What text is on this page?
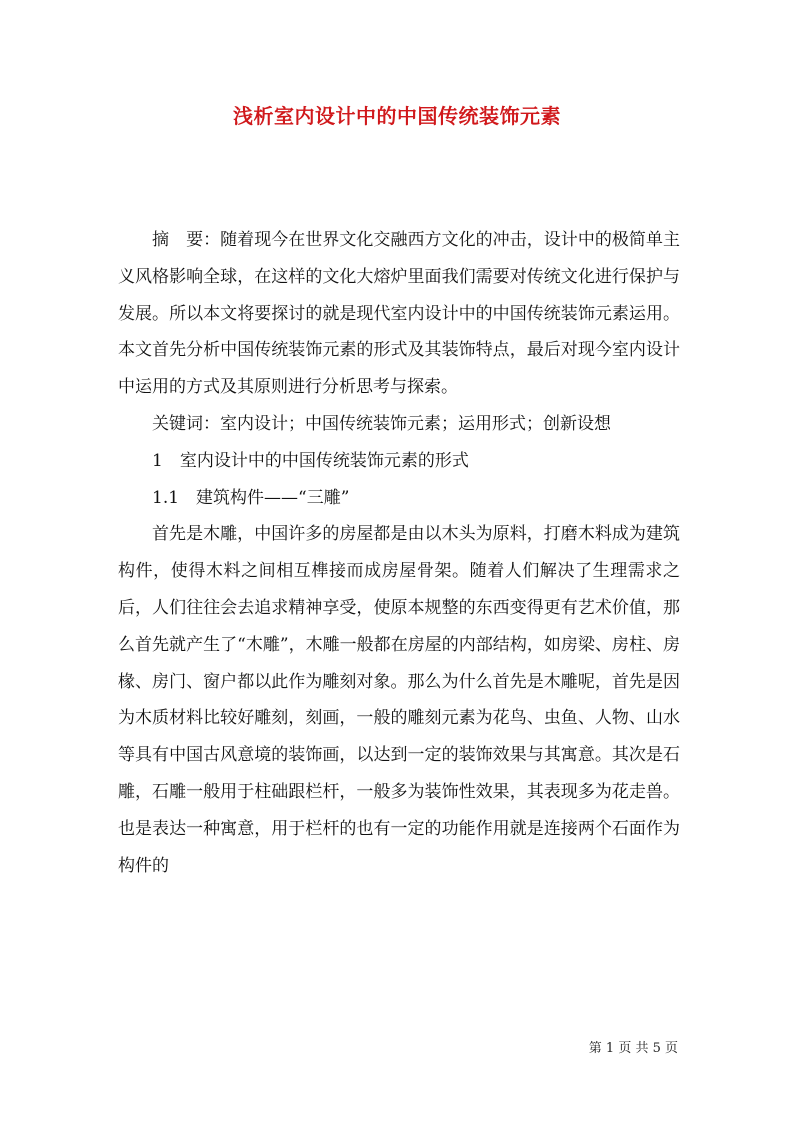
浅析室内设计中的中国传统装饰元素

摘　要：随着现今在世界文化交融西方文化的冲击，设计中的极简单主义风格影响全球，在这样的文化大熔炉里面我们需要对传统文化进行保护与发展。所以本文将要探讨的就是现代室内设计中的中国传统装饰元素运用。本文首先分析中国传统装饰元素的形式及其装饰特点，最后对现今室内设计中运用的方式及其原则进行分析思考与探索。

关键词：室内设计；中国传统装饰元素；运用形式；创新设想

1　室内设计中的中国传统装饰元素的形式

1.1　建筑构件——“三雕”

首先是木雕，中国许多的房屋都是由以木头为原料，打磨木料成为建筑构件，使得木料之间相互榫接而成房屋骨架。随着人们解决了生理需求之后，人们往往会去追求精神享受，使原本规整的东西变得更有艺术价值，那么首先就产生了“木雕”，木雕一般都在房屋的内部结构，如房梁、房柱、房椽、房门、窗户都以此作为雕刻对象。那么为什么首先是木雕呢，首先是因为木质材料比较好雕刻，刻画，一般的雕刻元素为花鸟、虫鱼、人物、山水等具有中国古风意境的装饰画，以达到一定的装饰效果与其寓意。其次是石雕，石雕一般用于柱础跟栏杆，一般多为装饰性效果，其表现多为花走兽。也是表达一种寓意，用于栏杆的也有一定的功能作用就是连接两个石面作为构件的

第 1 页 共 5 页
